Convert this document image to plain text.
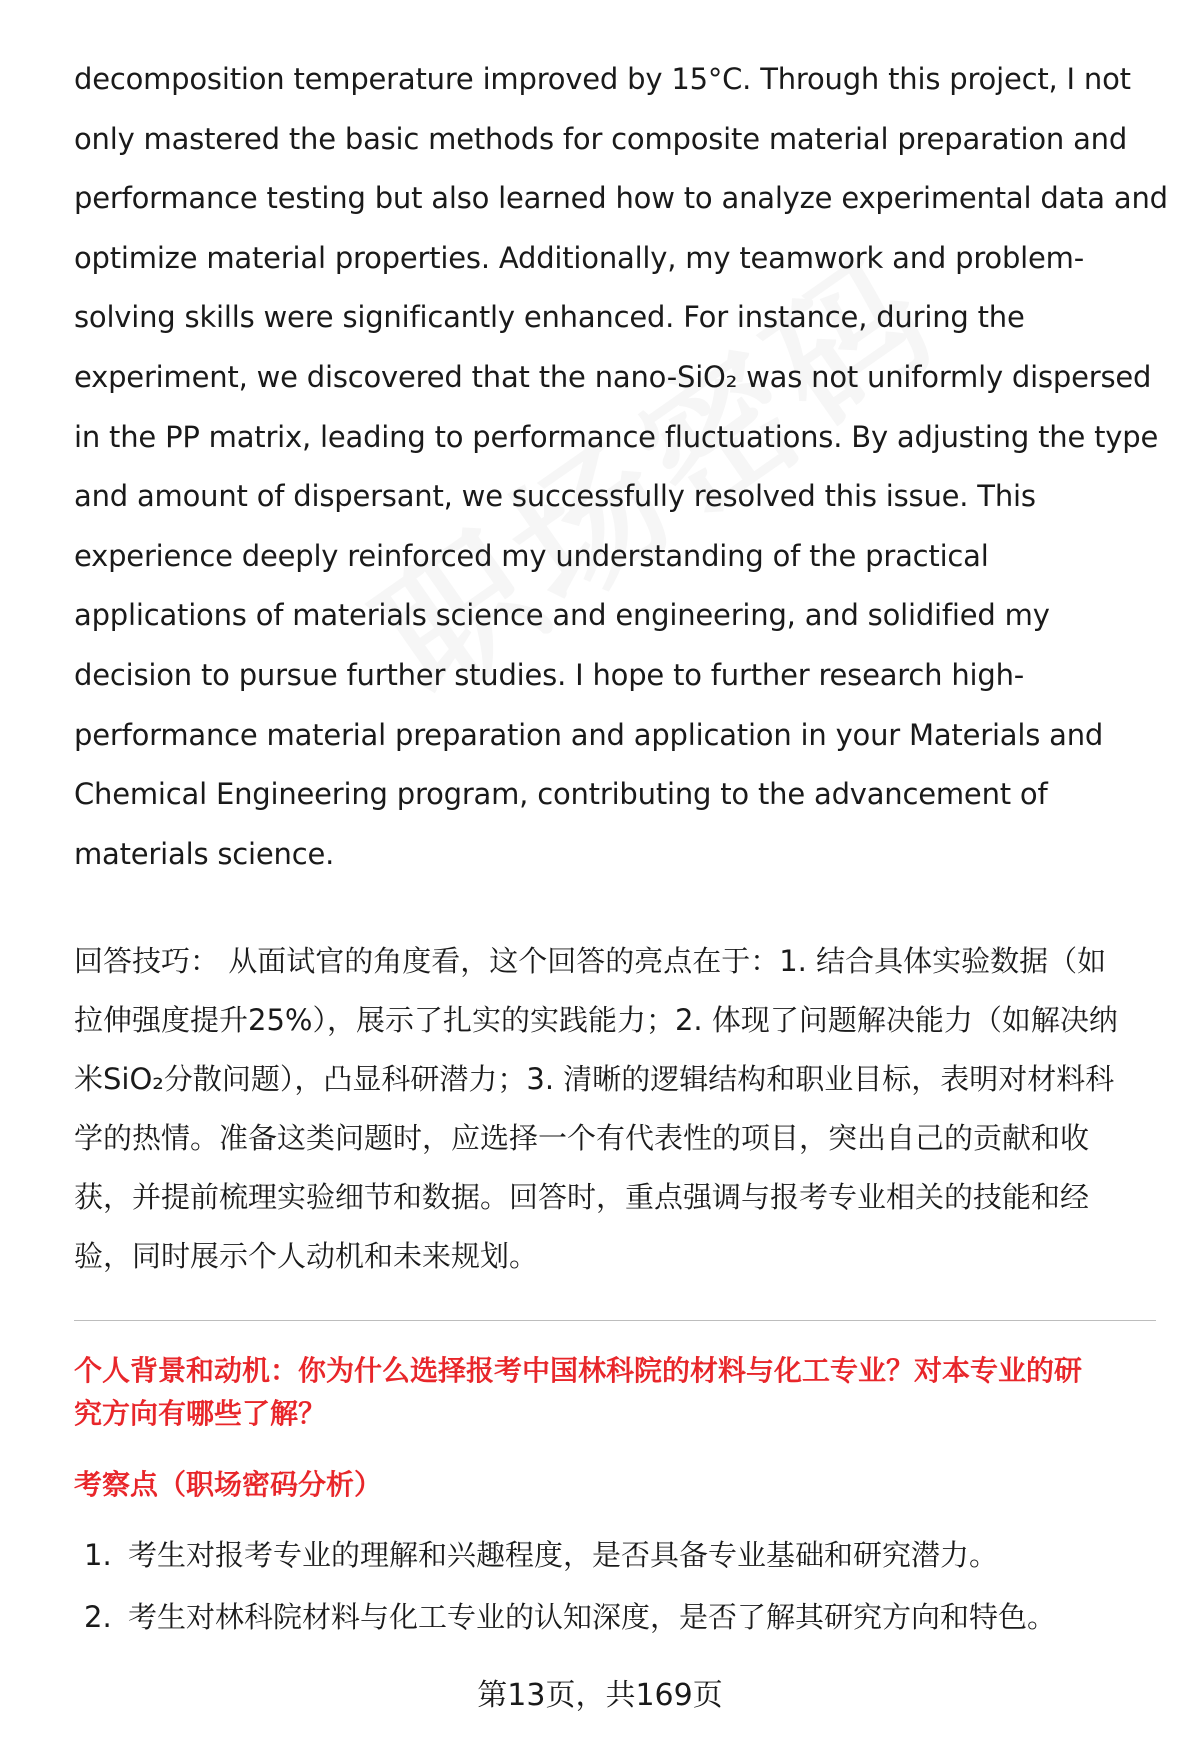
decomposition temperature improved by 15°C. Through this project, I not
only mastered the basic methods for composite material preparation and
performance testing but also learned how to analyze experimental data and
optimize material properties. Additionally, my teamwork and problem-
solving skills were significantly enhanced. For instance, during the
experiment, we discovered that the nano-SiO₂ was not uniformly dispersed
in the PP matrix, leading to performance fluctuations. By adjusting the type
and amount of dispersant, we successfully resolved this issue. This
experience deeply reinforced my understanding of the practical
applications of materials science and engineering, and solidified my
decision to pursue further studies. I hope to further research high-
performance material preparation and application in your Materials and
Chemical Engineering program, contributing to the advancement of
materials science.
回答技巧： 从面试官的角度看，这个回答的亮点在于：1. 结合具体实验数据（如
拉伸强度提升25%），展示了扎实的实践能力；2. 体现了问题解决能力（如解决纳
米SiO₂分散问题），凸显科研潜力；3. 清晰的逻辑结构和职业目标，表明对材料科
学的热情。准备这类问题时，应选择一个有代表性的项目，突出自己的贡献和收
获，并提前梳理实验细节和数据。回答时，重点强调与报考专业相关的技能和经
验，同时展示个人动机和未来规划。
个人背景和动机：你为什么选择报考中国林科院的材料与化工专业？对本专业的研
究方向有哪些了解？
考察点（职场密码分析）
1. 考生对报考专业的理解和兴趣程度，是否具备专业基础和研究潜力。
2. 考生对林科院材料与化工专业的认知深度，是否了解其研究方向和特色。
第13页，共169页
